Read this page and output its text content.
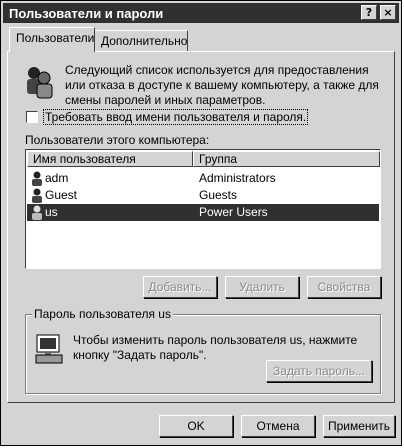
Пользователи и пароли	?	×
Пользователи Дополнительно
Следующий список используется для предоставления или отказа в доступе к вашему компьютеру, а также для смены паролей и иных параметров.
Требовать ввод имени пользователя и пароля.
Пользователи этого компьютера:
Имя пользователя	Группа
adm	Administrators
Guest	Guests
us	Power Users
Добавить...	Удалить	Свойства
Пароль пользователя us
Чтобы изменить пароль пользователя us, нажмите кнопку "Задать пароль".
Задать пароль...
OK	Отмена	Применить
